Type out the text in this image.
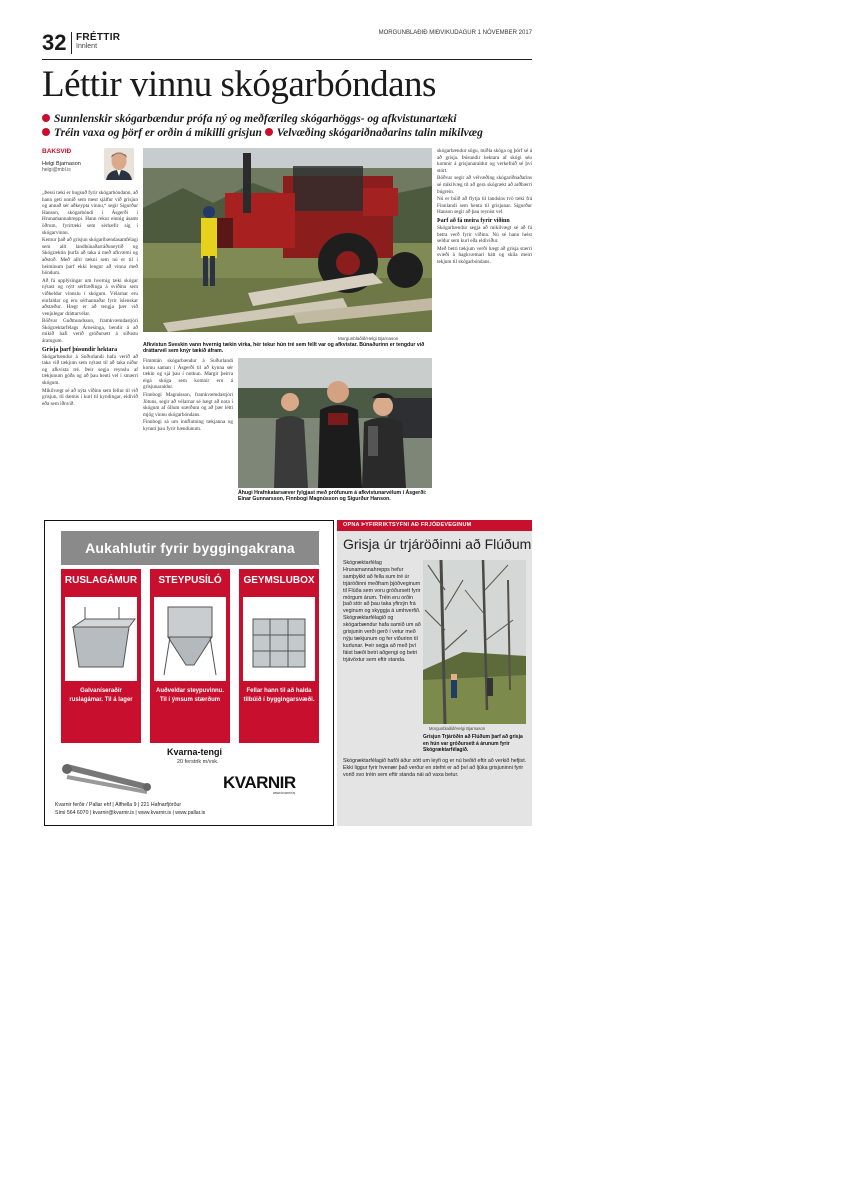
32 FRÉTTIR
Innlent
MORGUNBLAÐIÐ MIÐVIKUDAGUR 1 NÓVEMBER 2017
Léttir vinnu skógarbóndans
Sunnlenskir skógarbændur prófa ný og meðfærileg skógarhöggs- og afkvistunartæki
Tréin vaxa og þörf er orðin á mikilli grisjun Velvæðing skógariðnaðarins talin mikilvæg
BAKSVIÐ
Helgi Bjarnason
helgi@mbl.is

„Þessi tæki er hugsuð fyrir skógarbóndann, að hann geti unnið sem mest sjálfur við grisjun og annað sér aðkeypta vinnu,“ segir Sigurður Hanson, skógarbóndi í Ásgerði í Hrunamannahreppi. Hann rekur einnig ásamt öðrum, fyrirtæki sem sérhæfir sig í skógarvinnu.

Kemur það að grisjun skógaríbændasamfélagi sem allt landbúnaðarráðuneytið og Skógræktin þurfa að taka á með afkvæmi og aðstoð. Með allri tækni sem nú er til í heiminum þarf ekki lengur að vinna með höndum.

Að fá upplýsingar um hvernig tæki skógar nýtast og nýtt sérfræðinga á sviðinu sem viðheldur vinnslu í skógum. Vélarnar eru einfaldar og eru sérhannaðar fyrir íslenskar aðstæður. Hægt er að tengja þær við venjulegar dráttarvélar.

Böðvar Guðmundsson, framkvæmdastjóri Skógræktarfélags Árnesinga, bendir á að mikið hafi verið gróðursett á síðustu áratugum.

Grisja þarf þúsundir hektara

Skógarbændur á Suðurlandi hafa verið að taka við tækjum sem nýtast til að taka niður og afkvista tré. Þeir segja reynslu af tækjunum góða og að þau henti vel í smærri skógum.

Mikilvægt sé að nýta viðinn sem fellur til við grisjun, til dæmis í kurl til kyndingar, eldivið eða sem iðnvið.

Morgunblaðið/Helgi Bjarnason
Afkvistun Sveskin vann hvernig tækin virka, hér tekur hún tré sem fellt var og afkvistar. Búnaðurinn er tengdur við dráttarvél sem knýr tækið áfram.

Fimmtán skógarbændur á Suðurlandi komu saman í Ásgerði til að kynna sér tækin og sjá þau í notkun. Margir þeirra eiga skóga sem komnir eru á grisjunaraldur.

Finnbogi Magnússon, framkvæmdastjóri Jötuns, segir að vélarnar sé hægt að nota í skógum af öllum stærðum og að þær létti mjög vinnu skógarbóndans.

Finnbogi sá um innflutning tækjanna og kynnti þau fyrir bændunum.

Áhugi Hrafnkatarsæver fylgjast með prófunum á afkvistunarvélum í Ásgerði: Einar Gunnarsson, Finnbogi Magnússon og Sigurður Hanson.

skógarbændur sögu, miðla skóga og þörf sé á að grisja. Þúsundir hektara af skógi séu komnir á grisjunaraldur og verkefnið sé því stórt.

Böðvar segir að vélvæðing skógariðnaðarins sé mikilvæg til að gera skógrækt að arðbærri búgrein.

Nú er búið að flytja til landsins tvö tæki frá Finnlandi sem henta til grisjunar. Sigurður Hanson segir að þau reynist vel.

Þarf að fá meira fyrir viðinn

Skógarbændur segja að mikilvægt sé að fá betra verð fyrir viðinn. Nú sé hann helst seldur sem kurl eða eldiviður.

Með betri tækjum verði hægt að grisja stærri svæði á hagkvæmari hátt og skila meiri tekjum til skógarbóndans.

Aukahlutir fyrir byggingakrana
RUSLAGÁMUR
Galvaníseraðir ruslagámar. Til á lager
STEYPUSÍLÓ
Auðveldar steypuvinnu. Til í ýmsum stærðum
GEYMSLUBOX
Fellar hann til að halda tilbúið í byggingarsvæði.
Kvarna-tengi
20 ferstrik m/vsk.
KVARNIR
www.kvarnir.is
Kvarnir ferðir / Pallar ehf | Álfhella 9 | 221 Hafnarfjörður
Sími 564 6070 | kvarnir@kvarnir.is | www.kvarnir.is | www.pallar.is
OPNA ÞYFIRRIKTSYFNI AÐ FRJÓÐEVEGINUM
Grisja úr trjáröðinni að Flúðum
Skógræktarfélag Hrunamannahrepps hefur samþykkt að fella sum tré úr trjáröðinni meðfram þjóðveginum til Flúða sem voru gróðursett fyrir mörgum árum. Tréin eru orðin það stór að þau taka yfirsýn frá veginum og skyggja á umhverfið. Skógræktarfélagið og skógarbændur hafa samið um að grisjunin verði gerð í vetur með nýju tækjunum og fer viðurinn til kurlunar. Þeir segja að með því fáist bæði betri aðgengi og betri trjávöxtur sem eftir standa.
Morgunblaðið/Helgi Bjarnason
Grisjun Trjáröðin að Flúðum þarf að grisja en hún var gróðursett á árunum fyrir Skógræktarfélagið.
Skógræktarfélagið hafði áður sótt um leyfi og er nú beðið eftir að verkið hefjist. Ekki liggur fyrir hvenær það verður en stefnt er að því að ljúka grisjuninni fyrir vorið svo tréin sem eftir standa nái að vaxa betur.
